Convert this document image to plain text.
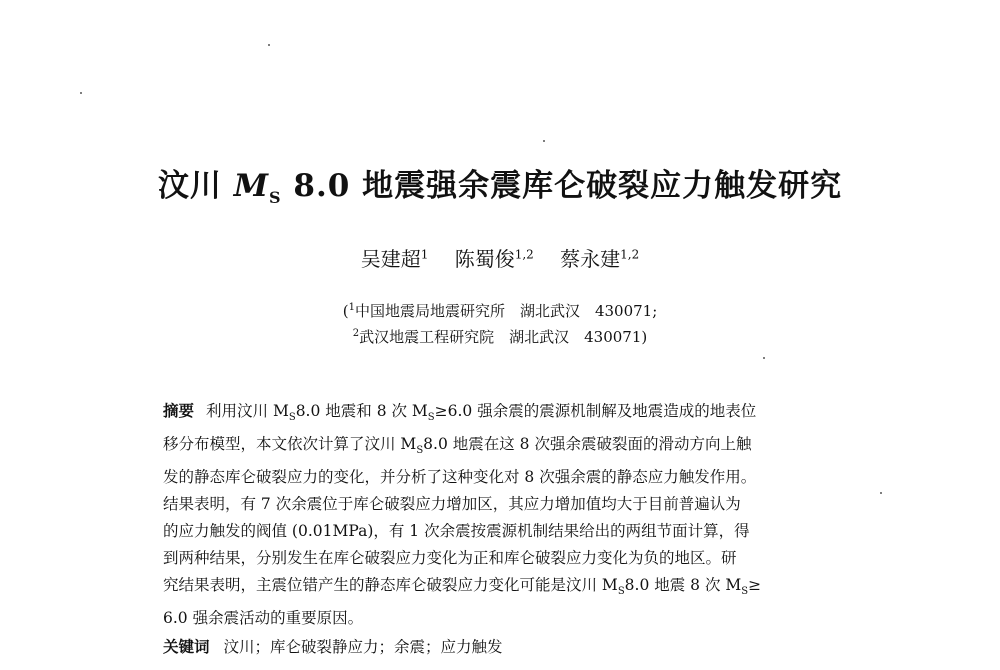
汶川 $M_S$ 8.0 地震强余震库仑破裂应力触发研究
吴建超$^1$ 陈蜀俊$^{1,2}$ 蔡永建$^{1,2}$
($^1$中国地震局地震研究所　湖北武汉　430071;
$^2$武汉地震工程研究院　湖北武汉　430071)
摘要 利用汶川 $M_S8.0$ 地震和 8 次 $M_S\ge 6.0$ 强余震的震源机制解及地震造成的地表位
移分布模型，本文依次计算了汶川 $M_S8.0$ 地震在这 8 次强余震破裂面的滑动方向上触
发的静态库仑破裂应力的变化，并分析了这种变化对 8 次强余震的静态应力触发作用。
结果表明，有 7 次余震位于库仑破裂应力增加区，其应力增加值均大于目前普遍认为
的应力触发的阀值 (0.01MPa)，有 1 次余震按震源机制结果给出的两组节面计算，得
到两种结果，分别发生在库仑破裂应力变化为正和库仑破裂应力变化为负的地区。研
究结果表明，主震位错产生的静态库仑破裂应力变化可能是汶川 $M_S8.0$ 地震 8 次 $M_S\ge$
6.0 强余震活动的重要原因。
关键词 汶川；库仑破裂静应力；余震；应力触发
